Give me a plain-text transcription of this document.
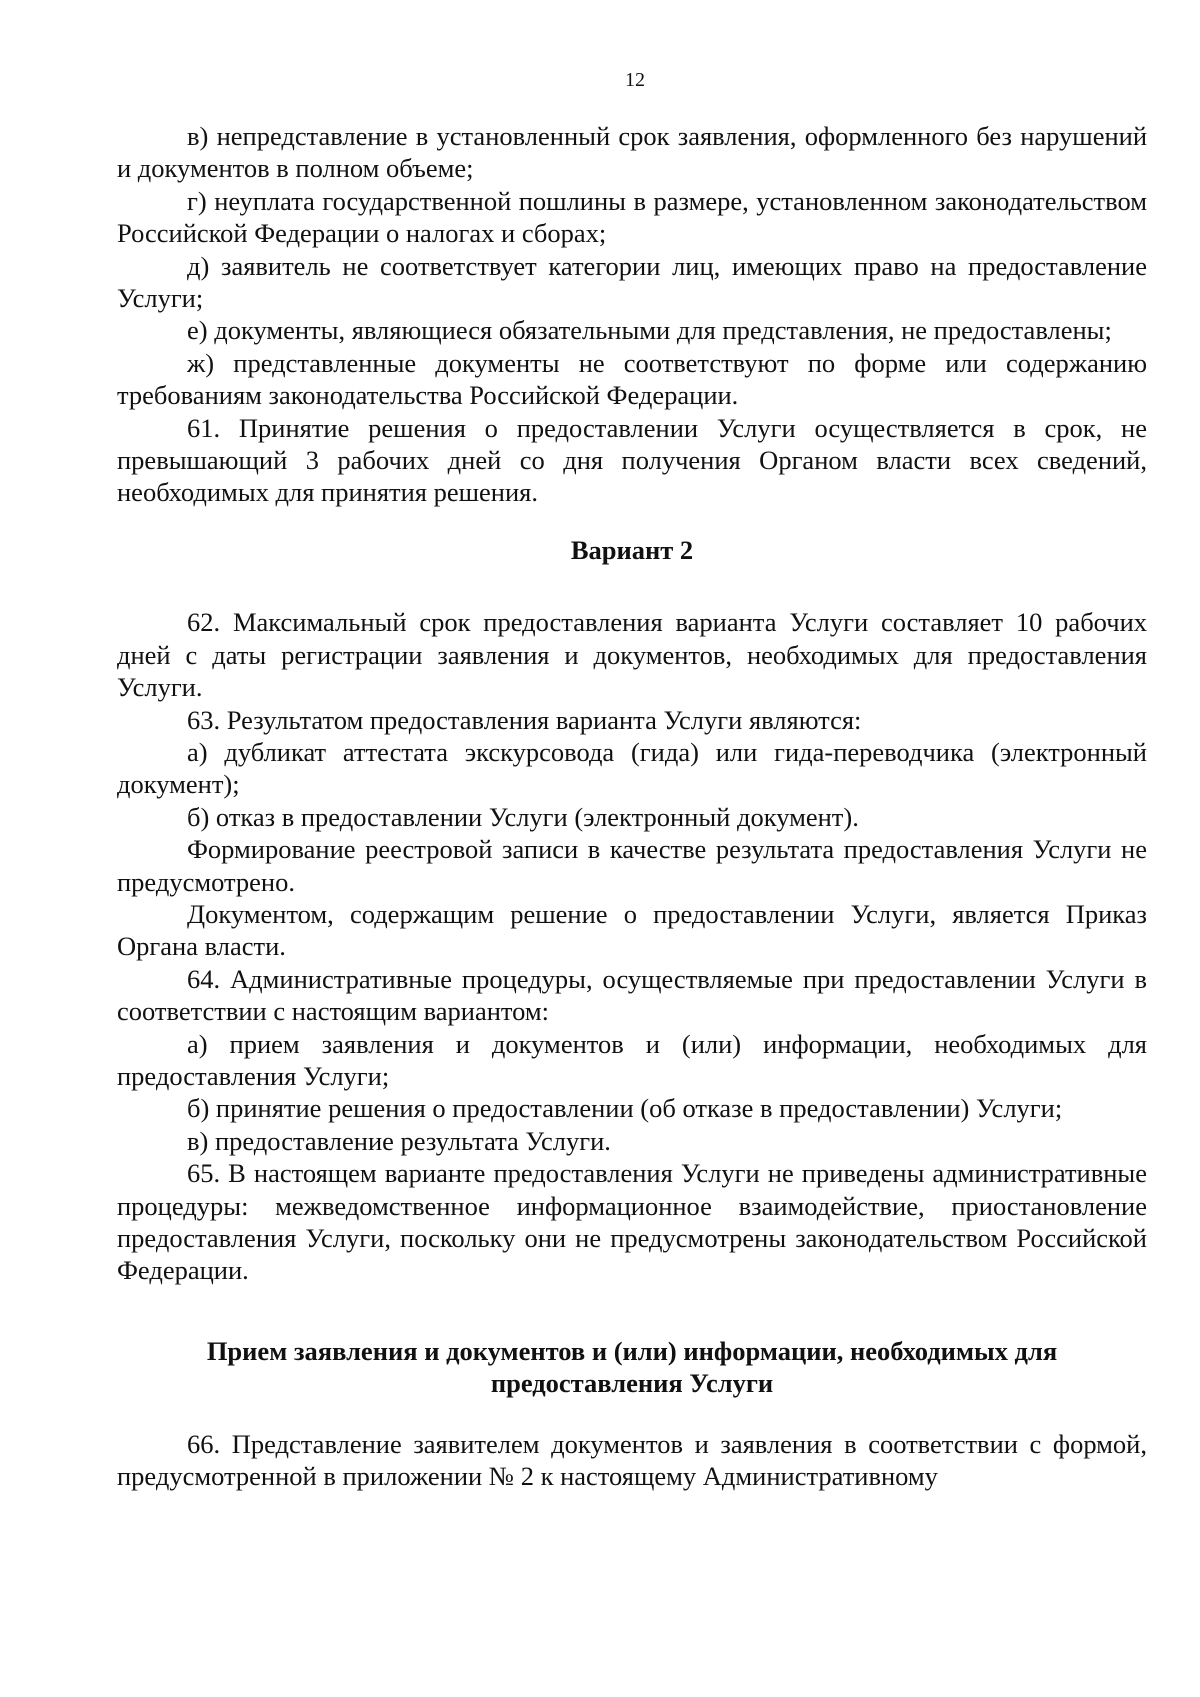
12

в) непредставление в установленный срок заявления, оформленного без нарушений и документов в полном объеме;

г) неуплата государственной пошлины в размере, установленном законодательством Российской Федерации о налогах и сборах;

д) заявитель не соответствует категории лиц, имеющих право на предоставление Услуги;

е) документы, являющиеся обязательными для представления, не предоставлены;

ж) представленные документы не соответствуют по форме или содержанию требованиям законодательства Российской Федерации.

61. Принятие решения о предоставлении Услуги осуществляется в срок, не превышающий 3 рабочих дней со дня получения Органом власти всех сведений, необходимых для принятия решения.

Вариант 2

62. Максимальный срок предоставления варианта Услуги составляет 10 рабочих дней с даты регистрации заявления и документов, необходимых для предоставления Услуги.

63. Результатом предоставления варианта Услуги являются:

а) дубликат аттестата экскурсовода (гида) или гида-переводчика (электронный документ);

б) отказ в предоставлении Услуги (электронный документ).

Формирование реестровой записи в качестве результата предоставления Услуги не предусмотрено.

Документом, содержащим решение о предоставлении Услуги, является Приказ Органа власти.

64. Административные процедуры, осуществляемые при предоставлении Услуги в соответствии с настоящим вариантом:

а) прием заявления и документов и (или) информации, необходимых для предоставления Услуги;

б) принятие решения о предоставлении (об отказе в предоставлении) Услуги;

в) предоставление результата Услуги.

65. В настоящем варианте предоставления Услуги не приведены административные процедуры: межведомственное информационное взаимодействие, приостановление предоставления Услуги, поскольку они не предусмотрены законодательством Российской Федерации.

Прием заявления и документов и (или) информации, необходимых для предоставления Услуги

66. Представление заявителем документов и заявления в соответствии с формой, предусмотренной в приложении № 2 к настоящему Административному
